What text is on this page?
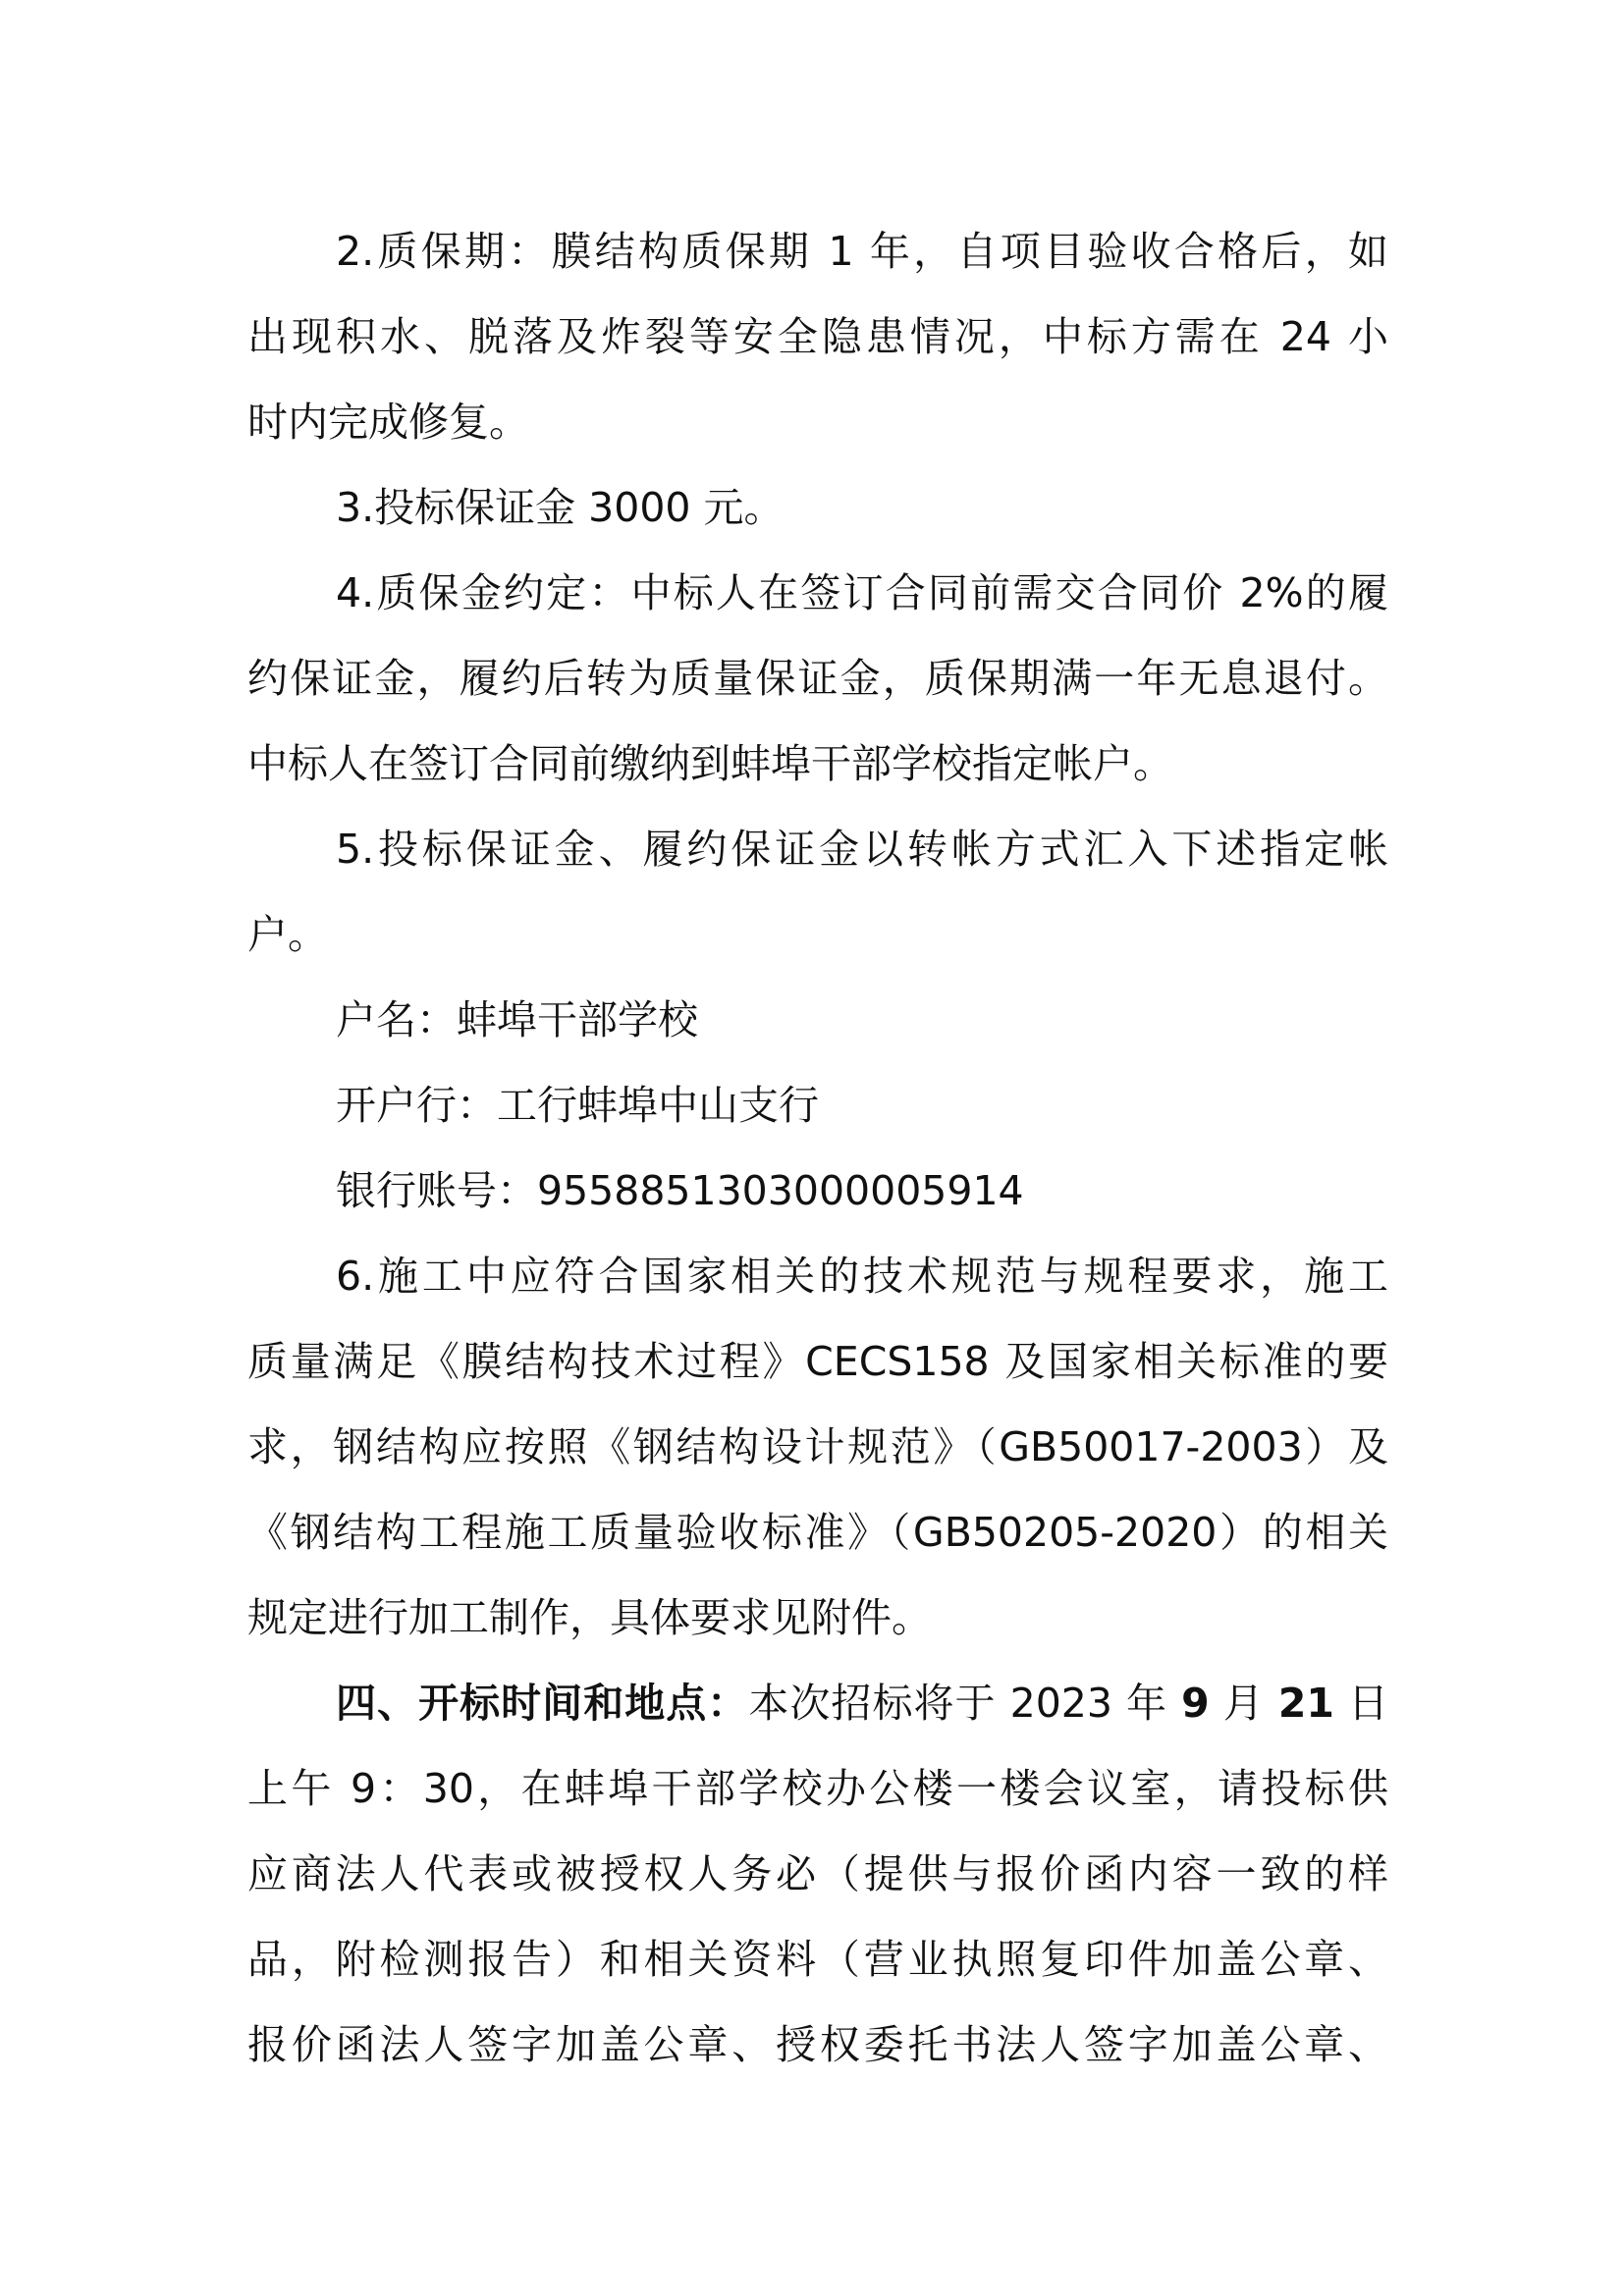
2.质保期：膜结构质保期 1 年，自项目验收合格后，如
出现积水、脱落及炸裂等安全隐患情况，中标方需在 24 小
时内完成修复。
3.投标保证金 3000 元。
4.质保金约定：中标人在签订合同前需交合同价 2%的履
约保证金，履约后转为质量保证金，质保期满一年无息退付。
中标人在签订合同前缴纳到蚌埠干部学校指定帐户。
5.投标保证金、履约保证金以转帐方式汇入下述指定帐
户。
户名：蚌埠干部学校
开户行：工行蚌埠中山支行
银行账号：9558851303000005914
6.施工中应符合国家相关的技术规范与规程要求，施工
质量满足《膜结构技术过程》CECS158 及国家相关标准的要
求，钢结构应按照《钢结构设计规范》（GB50017-2003）及
《钢结构工程施工质量验收标准》（GB50205-2020）的相关
规定进行加工制作，具体要求见附件。
四、开标时间和地点：本次招标将于 2023 年 9 月 21 日
上午 9：30，在蚌埠干部学校办公楼一楼会议室，请投标供
应商法人代表或被授权人务必（提供与报价函内容一致的样
品，附检测报告）和相关资料（营业执照复印件加盖公章、
报价函法人签字加盖公章、授权委托书法人签字加盖公章、
